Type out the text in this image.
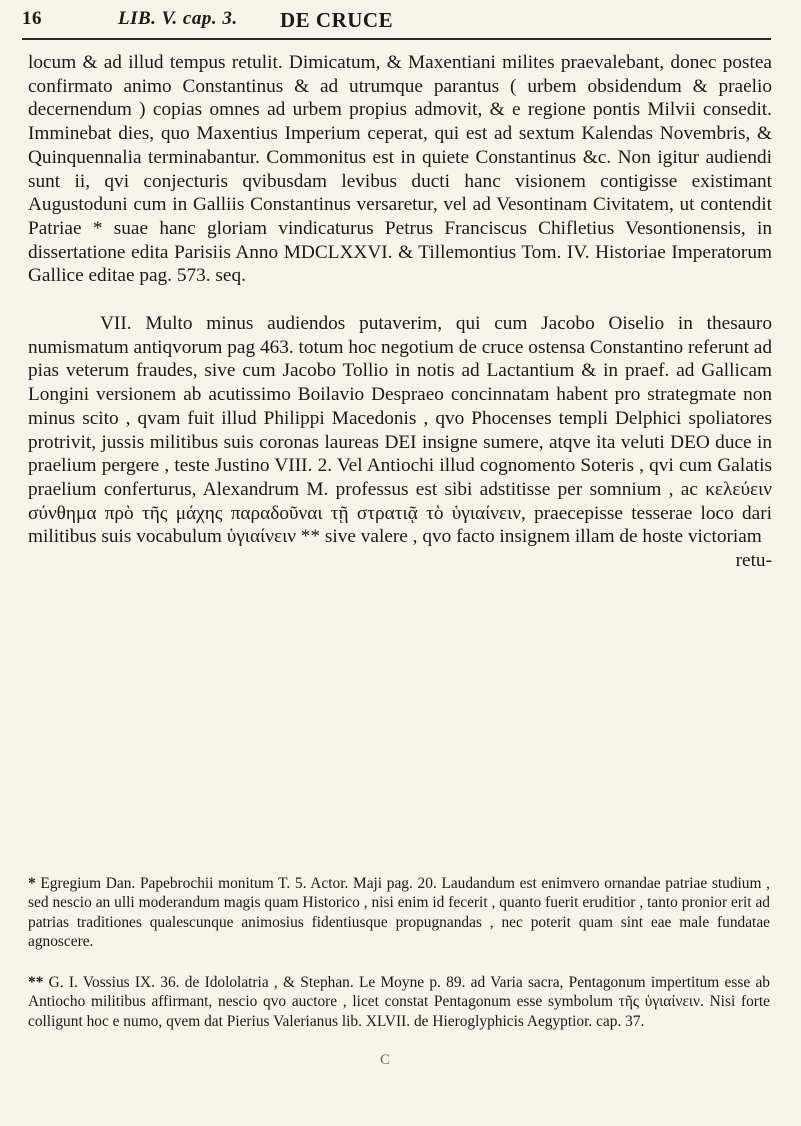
16	LIB. V. cap. 3. DE CRUCE

locum & ad illud tempus retulit. Dimicatum, & Maxentiani milites praevalebant, donec postea confirmato animo Constantinus & ad utrumque parantus ( urbem obsidendum & praelio decernendum ) copias omnes ad urbem propius admovit, & e regione pontis Milvii consedit. Imminebat dies, quo Maxentius Imperium ceperat, qui est ad sextum Kalendas Novembris, & Quinquennalia terminabantur. Commonitus est in quiete Constantinus &c. Non igitur audiendi sunt ii, qvi conjecturis qvibusdam levibus ducti hanc visionem contigisse existimant Augustoduni cum in Galliis Constantinus versaretur, vel ad Vesontinam Civitatem, ut contendit Patriae * suae hanc gloriam vindicaturus Petrus Franciscus Chifletius Vesontionensis, in dissertatione edita Parisiis Anno MDCLXXVI. & Tillemontius Tom. IV. Historiae Imperatorum Gallice editae pag. 573. seq.

VII. Multo minus audiendos putaverim, qui cum Jacobo Oiselio in thesauro numismatum antiqvorum pag 463. totum hoc negotium de cruce ostensa Constantino referunt ad pias veterum fraudes, sive cum Jacobo Tollio in notis ad Lactantium & in praef. ad Gallicam Longini versionem ab acutissimo Boilavio Despraeo concinnatam habent pro strategmate non minus scito , qvam fuit illud Philippi Macedonis , qvo Phocenses templi Delphici spoliatores protrivit, jussis militibus suis coronas laureas DEI insigne sumere, atqve ita veluti DEO duce in praelium pergere , teste Justino VIII. 2. Vel Antiochi illud cognomento Soteris , qvi cum Galatis praelium conferturus, Alexandrum M. professus est sibi adstitisse per somnium , ac κελεύειν σύνθημα πρὸ τῆς μάχης παραδοῦναι τῇ στρατιᾷ τὸ ὑγιαίνειν, praecepisse tesserae loco dari militibus suis vocabulum ὑγιαίνειν ** sive valere , qvo facto insignem illam de hoste victoriam

retu-

* Egregium Dan. Papebrochii monitum T. 5. Actor. Maji pag. 20. Laudandum est enimvero ornandae patriae studium , sed nescio an ulli moderandum magis quam Historico , nisi enim id fecerit , quanto fuerit eruditior , tanto pronior erit ad patrias traditiones qualescunque animosius fidentiusque propugnandas , nec poterit quam sint eae male fundatae agnoscere.
** G. I. Vossius IX. 36. de Idololatria , & Stephan. Le Moyne p. 89. ad Varia sacra, Pentagonum impertitum esse ab Antiocho militibus affirmant, nescio qvo auctore , licet constat Pentagonum esse symbolum τῆς ὑγιαίνειν. Nisi forte colligunt hoc e numo, qvem dat Pierius Valerianus lib. XLVII. de Hieroglyphicis Aegyptior. cap. 37.
C
